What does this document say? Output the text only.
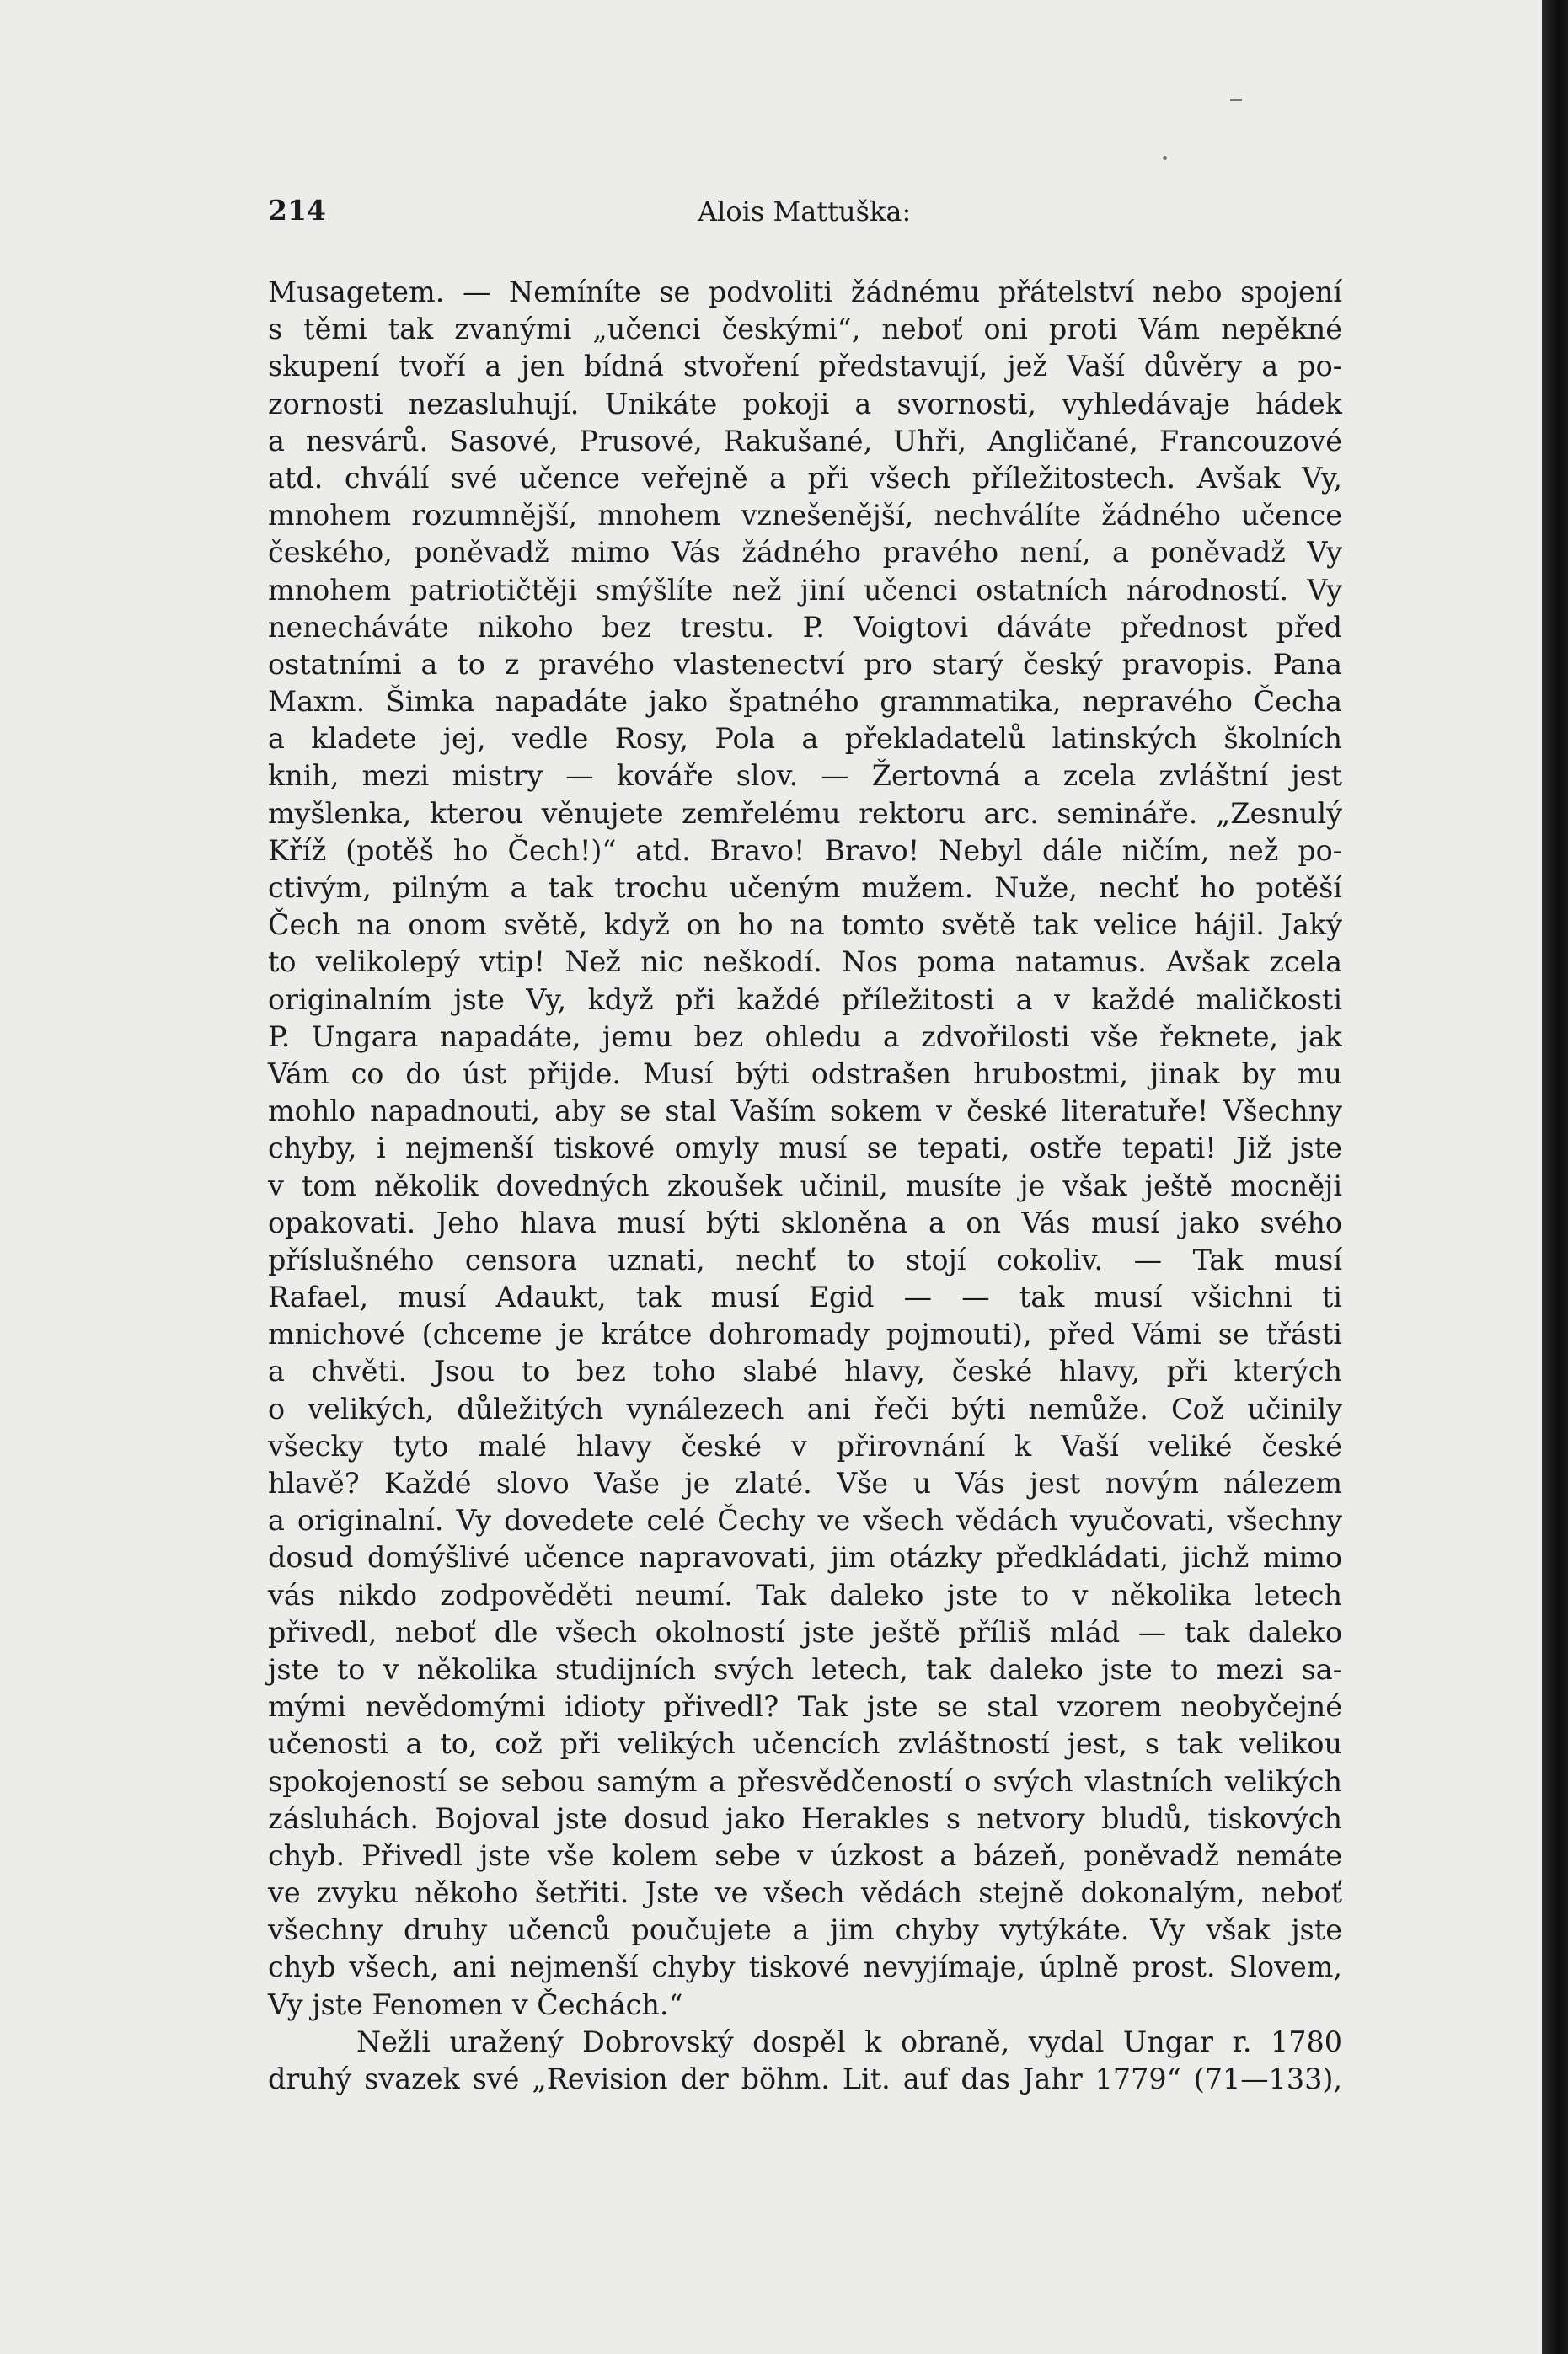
214	Alois Mattuška:
Musagetem. — Nemíníte se podvoliti žádnému přátelství nebo spojení
s těmi tak zvanými „učenci českými“, neboť oni proti Vám nepěkné
skupení tvoří a jen bídná stvoření představují, jež Vaší důvěry a po-
zornosti nezasluhují. Unikáte pokoji a svornosti, vyhledávaje hádek
a nesvárů. Sasové, Prusové, Rakušané, Uhři, Angličané, Francouzové
atd. chválí své učence veřejně a při všech příležitostech. Avšak Vy,
mnohem rozumnější, mnohem vznešenější, nechválíte žádného učence
českého, poněvadž mimo Vás žádného pravého není, a poněvadž Vy
mnohem patriotičtěji smýšlíte než jiní učenci ostatních národností. Vy
nenecháváte nikoho bez trestu. P. Voigtovi dáváte přednost před
ostatními a to z pravého vlastenectví pro starý český pravopis. Pana
Maxm. Šimka napadáte jako špatného grammatika, nepravého Čecha
a kladete jej, vedle Rosy, Pola a překladatelů latinských školních
knih, mezi mistry — kováře slov. — Žertovná a zcela zvláštní jest
myšlenka, kterou věnujete zemřelému rektoru arc. semináře. „Zesnulý
Kříž (potěš ho Čech!)“ atd. Bravo! Bravo! Nebyl dále ničím, než po-
ctivým, pilným a tak trochu učeným mužem. Nuže, nechť ho potěší
Čech na onom světě, když on ho na tomto světě tak velice hájil. Jaký
to velikolepý vtip! Než nic neškodí. Nos poma natamus. Avšak zcela
originalním jste Vy, když při každé příležitosti a v každé maličkosti
P. Ungara napadáte, jemu bez ohledu a zdvořilosti vše řeknete, jak
Vám co do úst přijde. Musí býti odstrašen hrubostmi, jinak by mu
mohlo napadnouti, aby se stal Vaším sokem v české literatuře! Všechny
chyby, i nejmenší tiskové omyly musí se tepati, ostře tepati! Již jste
v tom několik dovedných zkoušek učinil, musíte je však ještě mocněji
opakovati. Jeho hlava musí býti skloněna a on Vás musí jako svého
příslušného censora uznati, nechť to stojí cokoliv. — Tak musí
Rafael, musí Adaukt, tak musí Egid — — tak musí všichni ti
mnichové (chceme je krátce dohromady pojmouti), před Vámi se třásti
a chvěti. Jsou to bez toho slabé hlavy, české hlavy, při kterých
o velikých, důležitých vynálezech ani řeči býti nemůže. Což učinily
všecky tyto malé hlavy české v přirovnání k Vaší veliké české
hlavě? Každé slovo Vaše je zlaté. Vše u Vás jest novým nálezem
a originalní. Vy dovedete celé Čechy ve všech vědách vyučovati, všechny
dosud domýšlivé učence napravovati, jim otázky předkládati, jichž mimo
vás nikdo zodpověděti neumí. Tak daleko jste to v několika letech
přivedl, neboť dle všech okolností jste ještě příliš mlád — tak daleko
jste to v několika studijních svých letech, tak daleko jste to mezi sa-
mými nevědomými idioty přivedl? Tak jste se stal vzorem neobyčejné
učenosti a to, což při velikých učencích zvláštností jest, s tak velikou
spokojeností se sebou samým a přesvědčeností o svých vlastních velikých
zásluhách. Bojoval jste dosud jako Herakles s netvory bludů, tiskových
chyb. Přivedl jste vše kolem sebe v úzkost a bázeň, poněvadž nemáte
ve zvyku někoho šetřiti. Jste ve všech vědách stejně dokonalým, neboť
všechny druhy učenců poučujete a jim chyby vytýkáte. Vy však jste
chyb všech, ani nejmenší chyby tiskové nevyjímaje, úplně prost. Slovem,
Vy jste Fenomen v Čechách.“
Nežli uražený Dobrovský dospěl k obraně, vydal Ungar r. 1780
druhý svazek své „Revision der böhm. Lit. auf das Jahr 1779“ (71—133),
